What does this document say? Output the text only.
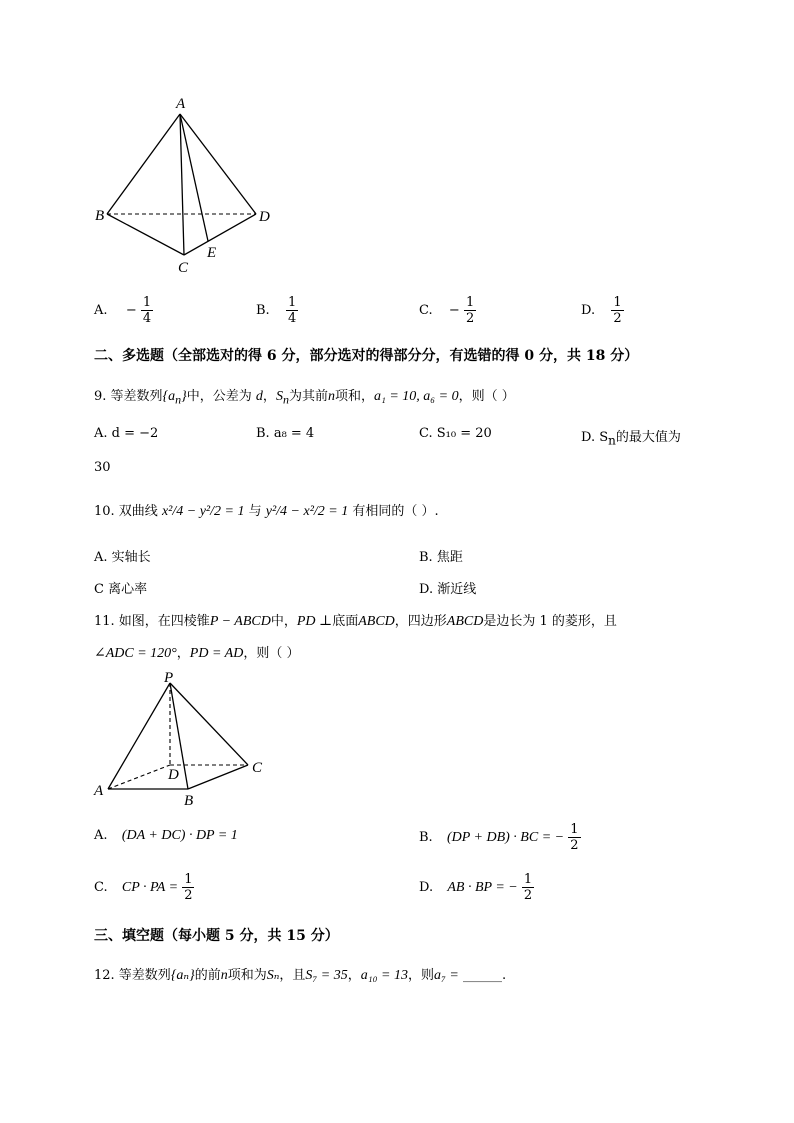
A
B
C
D
E
A. − $\frac{1}{4}$	B. $\frac{1}{4}$	C. − $\frac{1}{2}$	D. $\frac{1}{2}$
二、多选题（全部选对的得 6 分，部分选对的得部分分，有选错的得 0 分，共 18 分）
9. 等差数列$\{a_n\}$中，公差为 d，$S_n$为其前n项和，a₁ = 10, a₆ = 0，则（ ）
A. d = −2	B. a₈ = 4	C. S₁₀ = 20	D. $S_n$的最大值为
30
10. 双曲线 x²/4 − y²/2 = 1 与 y²/4 − x²/2 = 1 有相同的（ ）.
A. 实轴长	B. 焦距
C 离心率	D. 渐近线
11. 如图，在四棱锥P − ABCD中，PD ⊥底面ABCD，四边形ABCD是边长为 1 的菱形，且
∠ADC = 120°，PD = AD，则（ ）
P
A
B
C
D
A. (DA + DC) · DP = 1	B. (DP + DB) · BC = − $\frac{1}{2}$
C. CP · PA = $\frac{1}{2}$	D. AB · BP = − $\frac{1}{2}$
三、填空题（每小题 5 分，共 15 分）
12. 等差数列{aₙ}的前n项和为Sₙ，且S₇ = 35，a₁₀ = 13，则a₇ = ______.
